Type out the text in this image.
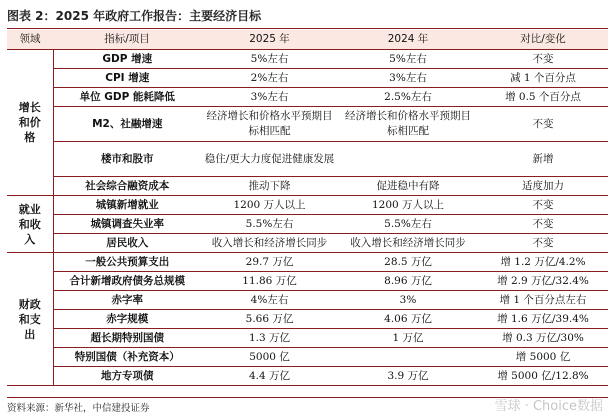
图表 2：2025 年政府工作报告：主要经济目标
领域	指标/项目	2025 年	2024 年	对比/变化

增长和价格	GDP 增速	5%左右	5%左右	不变
	CPI 增速	2%左右	3%左右	减 1 个百分点
	单位 GDP 能耗降低	3%左右	2.5%左右	增 0.5 个百分点
	M2、社融增速	经济增长和价格水平预期目标相匹配	经济增长和价格水平预期目标相匹配	不变
	楼市和股市	稳住/更大力度促进健康发展		新增
	社会综合融资成本	推动下降	促进稳中有降	适度加力

就业和收入	城镇新增就业	1200 万人以上	1200 万人以上	不变
	城镇调查失业率	5.5%左右	5.5%左右	不变
	居民收入	收入增长和经济增长同步	收入增长和经济增长同步	不变

财政和支出	一般公共预算支出	29.7 万亿	28.5 万亿	增 1.2 万亿/4.2%
	合计新增政府债务总规模	11.86 万亿	8.96 万亿	增 2.9 万亿/32.4%
	赤字率	4%左右	3%	增 1 个百分点左右
	赤字规模	5.66 万亿	4.06 万亿	增 1.6 万亿/39.4%
	超长期特别国债	1.3 万亿	1 万亿	增 0.3 万亿/30%
	特别国债（补充资本）	5000 亿		增 5000 亿
	地方专项债	4.4 万亿	3.9 万亿	增 5000 亿/12.8%
资料来源：新华社，中信建投证券	雪球 · Choice数据
